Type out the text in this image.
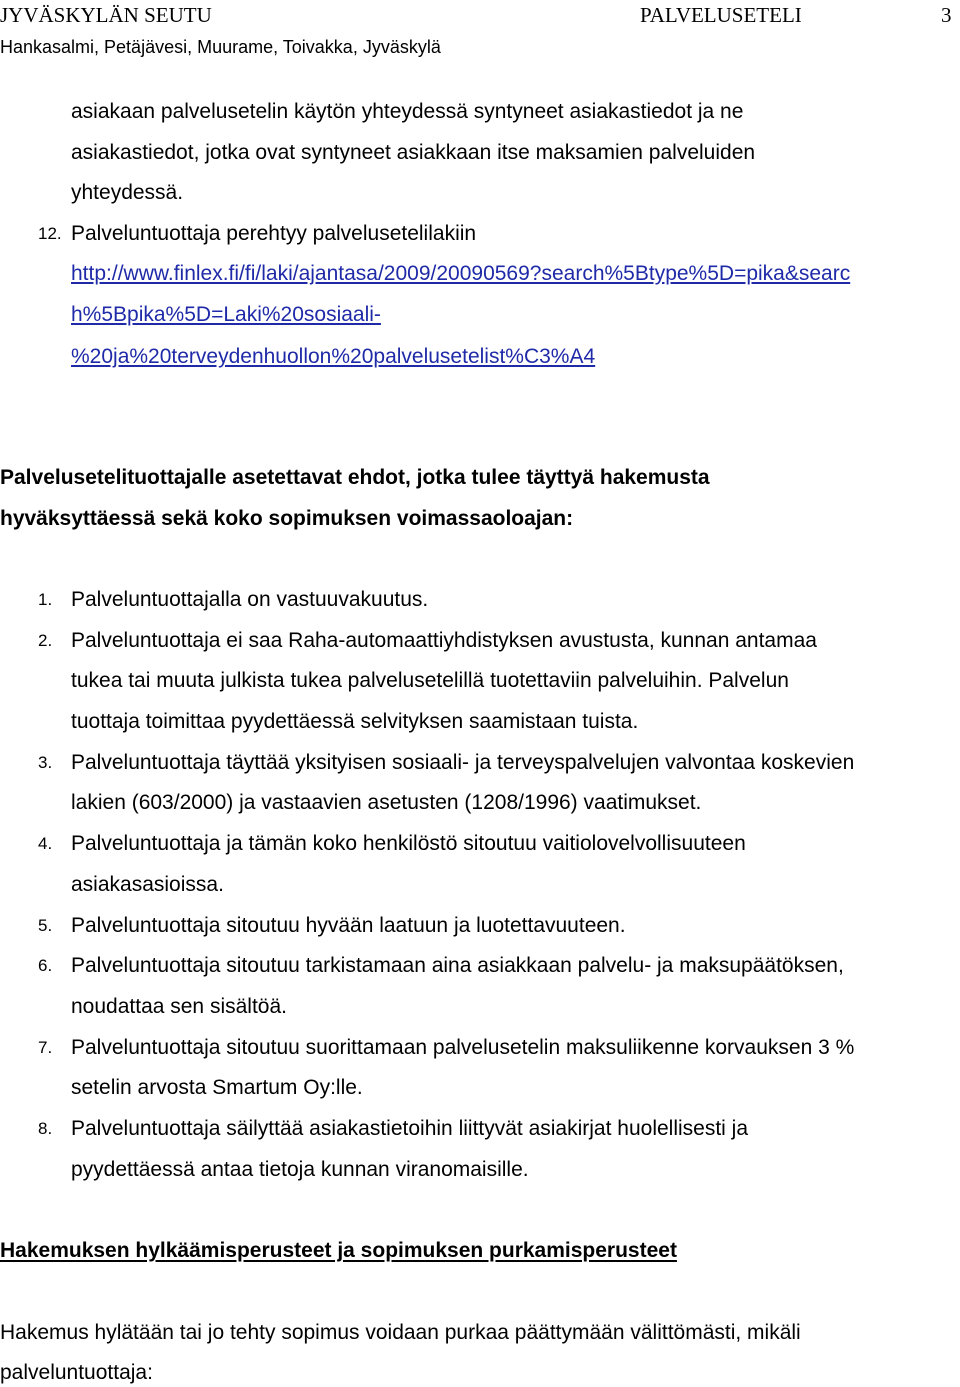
JYVÄSKYLÄN SEUTU	PALVELUSETELI	3
Hankasalmi, Petäjävesi, Muurame, Toivakka, Jyväskylä
asiakaan palvelusetelin käytön yhteydessä syntyneet asiakastiedot ja ne
asiakastiedot, jotka ovat syntyneet asiakkaan itse maksamien palveluiden
yhteydessä.
12. Palveluntuottaja perehtyy palvelusetelilakiin
http://www.finlex.fi/fi/laki/ajantasa/2009/20090569?search%5Btype%5D=pika&searc
h%5Bpika%5D=Laki%20sosiaali-
%20ja%20terveydenhuollon%20palvelusetelist%C3%A4
Palvelusetelituottajalle asetettavat ehdot, jotka tulee täyttyä hakemusta
hyväksyttäessä sekä koko sopimuksen voimassaoloajan:
1. Palveluntuottajalla on vastuuvakuutus.
2. Palveluntuottaja ei saa Raha-automaattiyhdistyksen avustusta, kunnan antamaa
tukea tai muuta julkista tukea palvelusetelillä tuotettaviin palveluihin. Palvelun
tuottaja toimittaa pyydettäessä selvityksen saamistaan tuista.
3. Palveluntuottaja täyttää yksityisen sosiaali- ja terveyspalvelujen valvontaa koskevien
lakien (603/2000) ja vastaavien asetusten (1208/1996) vaatimukset.
4. Palveluntuottaja ja tämän koko henkilöstö sitoutuu vaitiolovelvollisuuteen
asiakasasioissa.
5. Palveluntuottaja sitoutuu hyvään laatuun ja luotettavuuteen.
6. Palveluntuottaja sitoutuu tarkistamaan aina asiakkaan palvelu- ja maksupäätöksen,
noudattaa sen sisältöä.
7. Palveluntuottaja sitoutuu suorittamaan palvelusetelin maksuliikenne korvauksen 3 %
setelin arvosta Smartum Oy:lle.
8. Palveluntuottaja säilyttää asiakastietoihin liittyvät asiakirjat huolellisesti ja
pyydettäessä antaa tietoja kunnan viranomaisille.
Hakemuksen hylkäämisperusteet ja sopimuksen purkamisperusteet
Hakemus hylätään tai jo tehty sopimus voidaan purkaa päättymään välittömästi, mikäli
palveluntuottaja:
